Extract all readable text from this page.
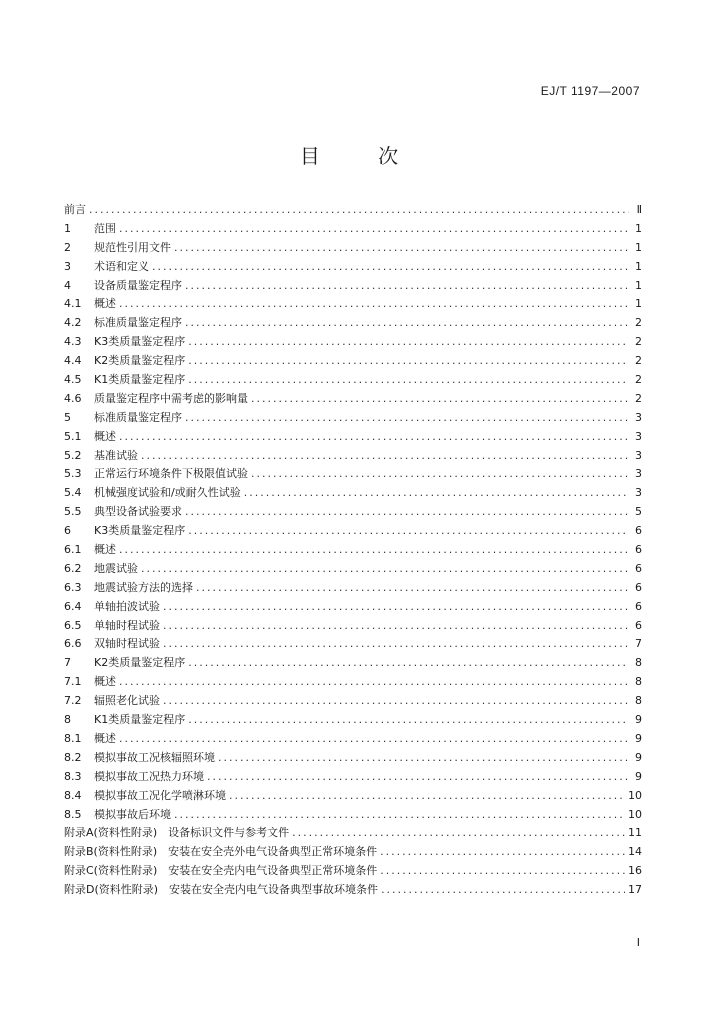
EJ/T 1197—2007
目 次
前言 .....	Ⅱ
1	范围 .....	1
2	规范性引用文件 .....	1
3	术语和定义 .....	1
4	设备质量鉴定程序 .....	1
4.1	概述 .....	1
4.2	标准质量鉴定程序 .....	2
4.3	K3类质量鉴定程序 .....	2
4.4	K2类质量鉴定程序 .....	2
4.5	K1类质量鉴定程序 .....	2
4.6	质量鉴定程序中需考虑的影响量 .....	2
5	标准质量鉴定程序 .....	3
5.1	概述 .....	3
5.2	基准试验 .....	3
5.3	正常运行环境条件下极限值试验 .....	3
5.4	机械强度试验和/或耐久性试验 .....	3
5.5	典型设备试验要求 .....	5
6	K3类质量鉴定程序 .....	6
6.1	概述 .....	6
6.2	地震试验 .....	6
6.3	地震试验方法的选择 .....	6
6.4	单轴拍波试验 .....	6
6.5	单轴时程试验 .....	6
6.6	双轴时程试验 .....	7
7	K2类质量鉴定程序 .....	8
7.1	概述 .....	8
7.2	辐照老化试验 .....	8
8	K1类质量鉴定程序 .....	9
8.1	概述 .....	9
8.2	模拟事故工况核辐照环境 .....	9
8.3	模拟事故工况热力环境 .....	9
8.4	模拟事故工况化学喷淋环境 .....	10
8.5	模拟事故后环境 .....	10
附录A(资料性附录)　设备标识文件与参考文件 .....	11
附录B(资料性附录)　安装在安全壳外电气设备典型正常环境条件 .....	14
附录C(资料性附录)　安装在安全壳内电气设备典型正常环境条件 .....	16
附录D(资料性附录)　安装在安全壳内电气设备典型事故环境条件 .....	17
Ⅰ
